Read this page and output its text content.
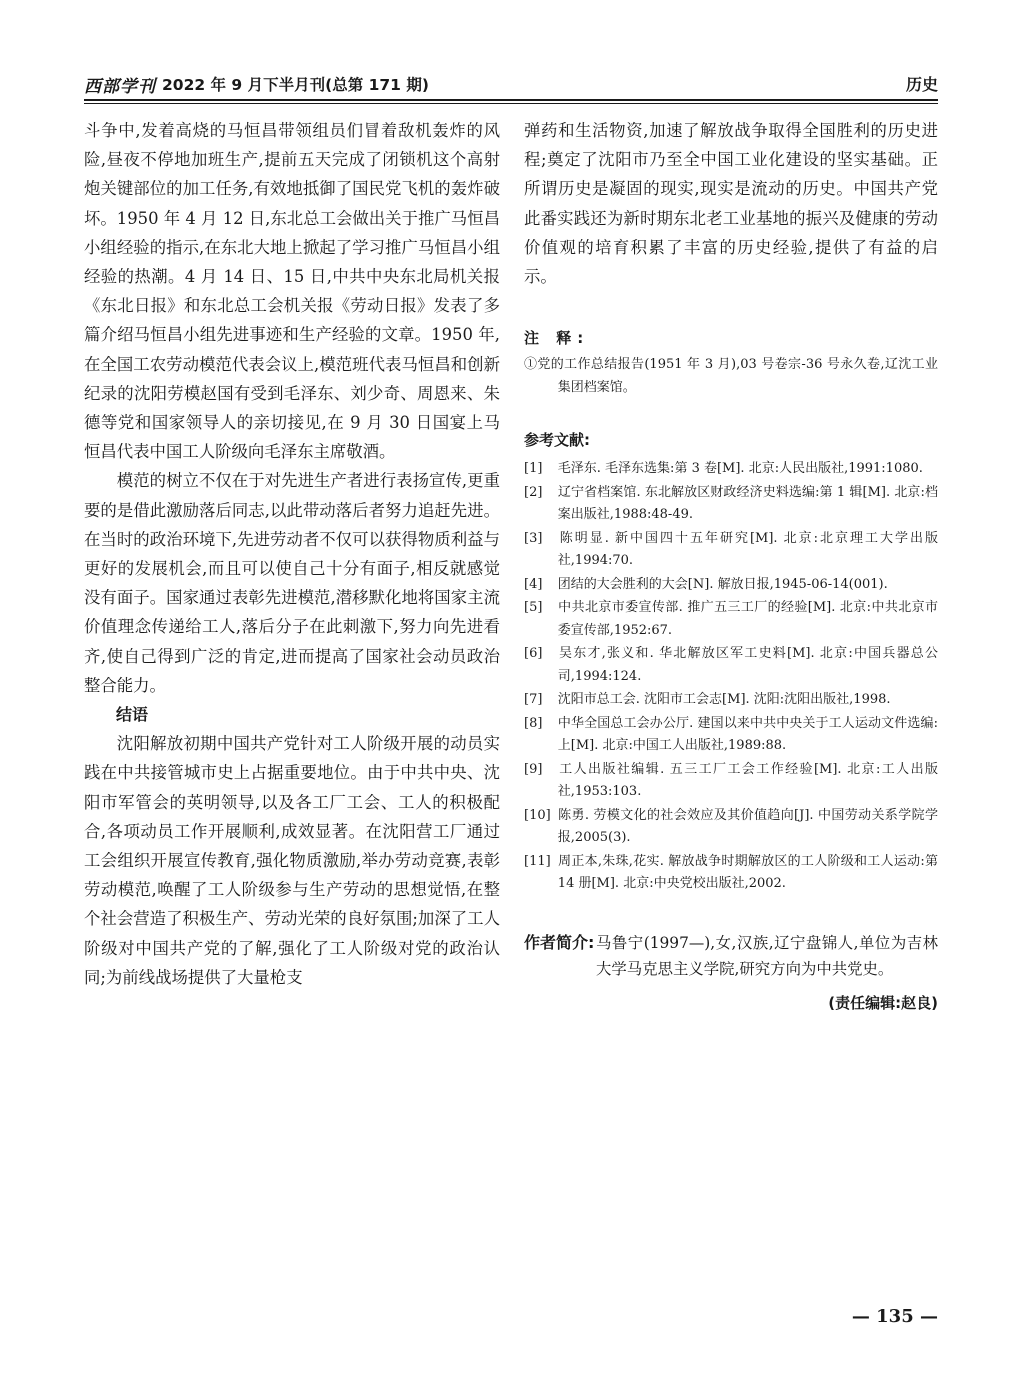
西部学刊 2022 年 9 月下半月刊(总第 171 期)	历史

斗争中,发着高烧的马恒昌带领组员们冒着敌机轰炸的风险,昼夜不停地加班生产,提前五天完成了闭锁机这个高射炮关键部位的加工任务,有效地抵御了国民党飞机的轰炸破坏。1950 年 4 月 12 日,东北总工会做出关于推广马恒昌小组经验的指示,在东北大地上掀起了学习推广马恒昌小组经验的热潮。4 月 14 日、15 日,中共中央东北局机关报《东北日报》和东北总工会机关报《劳动日报》发表了多篇介绍马恒昌小组先进事迹和生产经验的文章。1950 年,在全国工农劳动模范代表会议上,模范班代表马恒昌和创新纪录的沈阳劳模赵国有受到毛泽东、刘少奇、周恩来、朱德等党和国家领导人的亲切接见,在 9 月 30 日国宴上马恒昌代表中国工人阶级向毛泽东主席敬酒。

模范的树立不仅在于对先进生产者进行表扬宣传,更重要的是借此激励落后同志,以此带动落后者努力追赶先进。在当时的政治环境下,先进劳动者不仅可以获得物质利益与更好的发展机会,而且可以使自己十分有面子,相反就感觉没有面子。国家通过表彰先进模范,潜移默化地将国家主流价值理念传递给工人,落后分子在此刺激下,努力向先进看齐,使自己得到广泛的肯定,进而提高了国家社会动员政治整合能力。

结语

沈阳解放初期中国共产党针对工人阶级开展的动员实践在中共接管城市史上占据重要地位。由于中共中央、沈阳市军管会的英明领导,以及各工厂工会、工人的积极配合,各项动员工作开展顺利,成效显著。在沈阳营工厂通过工会组织开展宣传教育,强化物质激励,举办劳动竞赛,表彰劳动模范,唤醒了工人阶级参与生产劳动的思想觉悟,在整个社会营造了积极生产、劳动光荣的良好氛围;加深了工人阶级对中国共产党的了解,强化了工人阶级对党的政治认同;为前线战场提供了大量枪支

弹药和生活物资,加速了解放战争取得全国胜利的历史进程;奠定了沈阳市乃至全中国工业化建设的坚实基础。正所谓历史是凝固的现实,现实是流动的历史。中国共产党此番实践还为新时期东北老工业基地的振兴及健康的劳动价值观的培育积累了丰富的历史经验,提供了有益的启示。

注 释:

①党的工作总结报告(1951 年 3 月),03 号卷宗-36 号永久卷,辽沈工业集团档案馆。

参考文献:

[1] 毛泽东. 毛泽东选集:第 3 卷[M]. 北京:人民出版社,1991:1080.

[2] 辽宁省档案馆. 东北解放区财政经济史料选编:第 1 辑[M]. 北京:档案出版社,1988:48-49.

[3] 陈明显. 新中国四十五年研究[M]. 北京:北京理工大学出版社,1994:70.

[4] 团结的大会胜利的大会[N]. 解放日报,1945-06-14(001).

[5] 中共北京市委宣传部. 推广五三工厂的经验[M]. 北京:中共北京市委宣传部,1952:67.

[6] 吴东才,张义和. 华北解放区军工史料[M]. 北京:中国兵器总公司,1994:124.

[7] 沈阳市总工会. 沈阳市工会志[M]. 沈阳:沈阳出版社,1998.

[8] 中华全国总工会办公厅. 建国以来中共中央关于工人运动文件选编:上[M]. 北京:中国工人出版社,1989:88.

[9] 工人出版社编辑. 五三工厂工会工作经验[M]. 北京:工人出版社,1953:103.

[10] 陈勇. 劳模文化的社会效应及其价值趋向[J]. 中国劳动关系学院学报,2005(3).

[11] 周正本,朱珠,花实. 解放战争时期解放区的工人阶级和工人运动:第 14 册[M]. 北京:中央党校出版社,2002.

作者简介: 马鲁宁(1997—),女,汉族,辽宁盘锦人,单位为吉林大学马克思主义学院,研究方向为中共党史。

(责任编辑:赵良)
— 135 —
